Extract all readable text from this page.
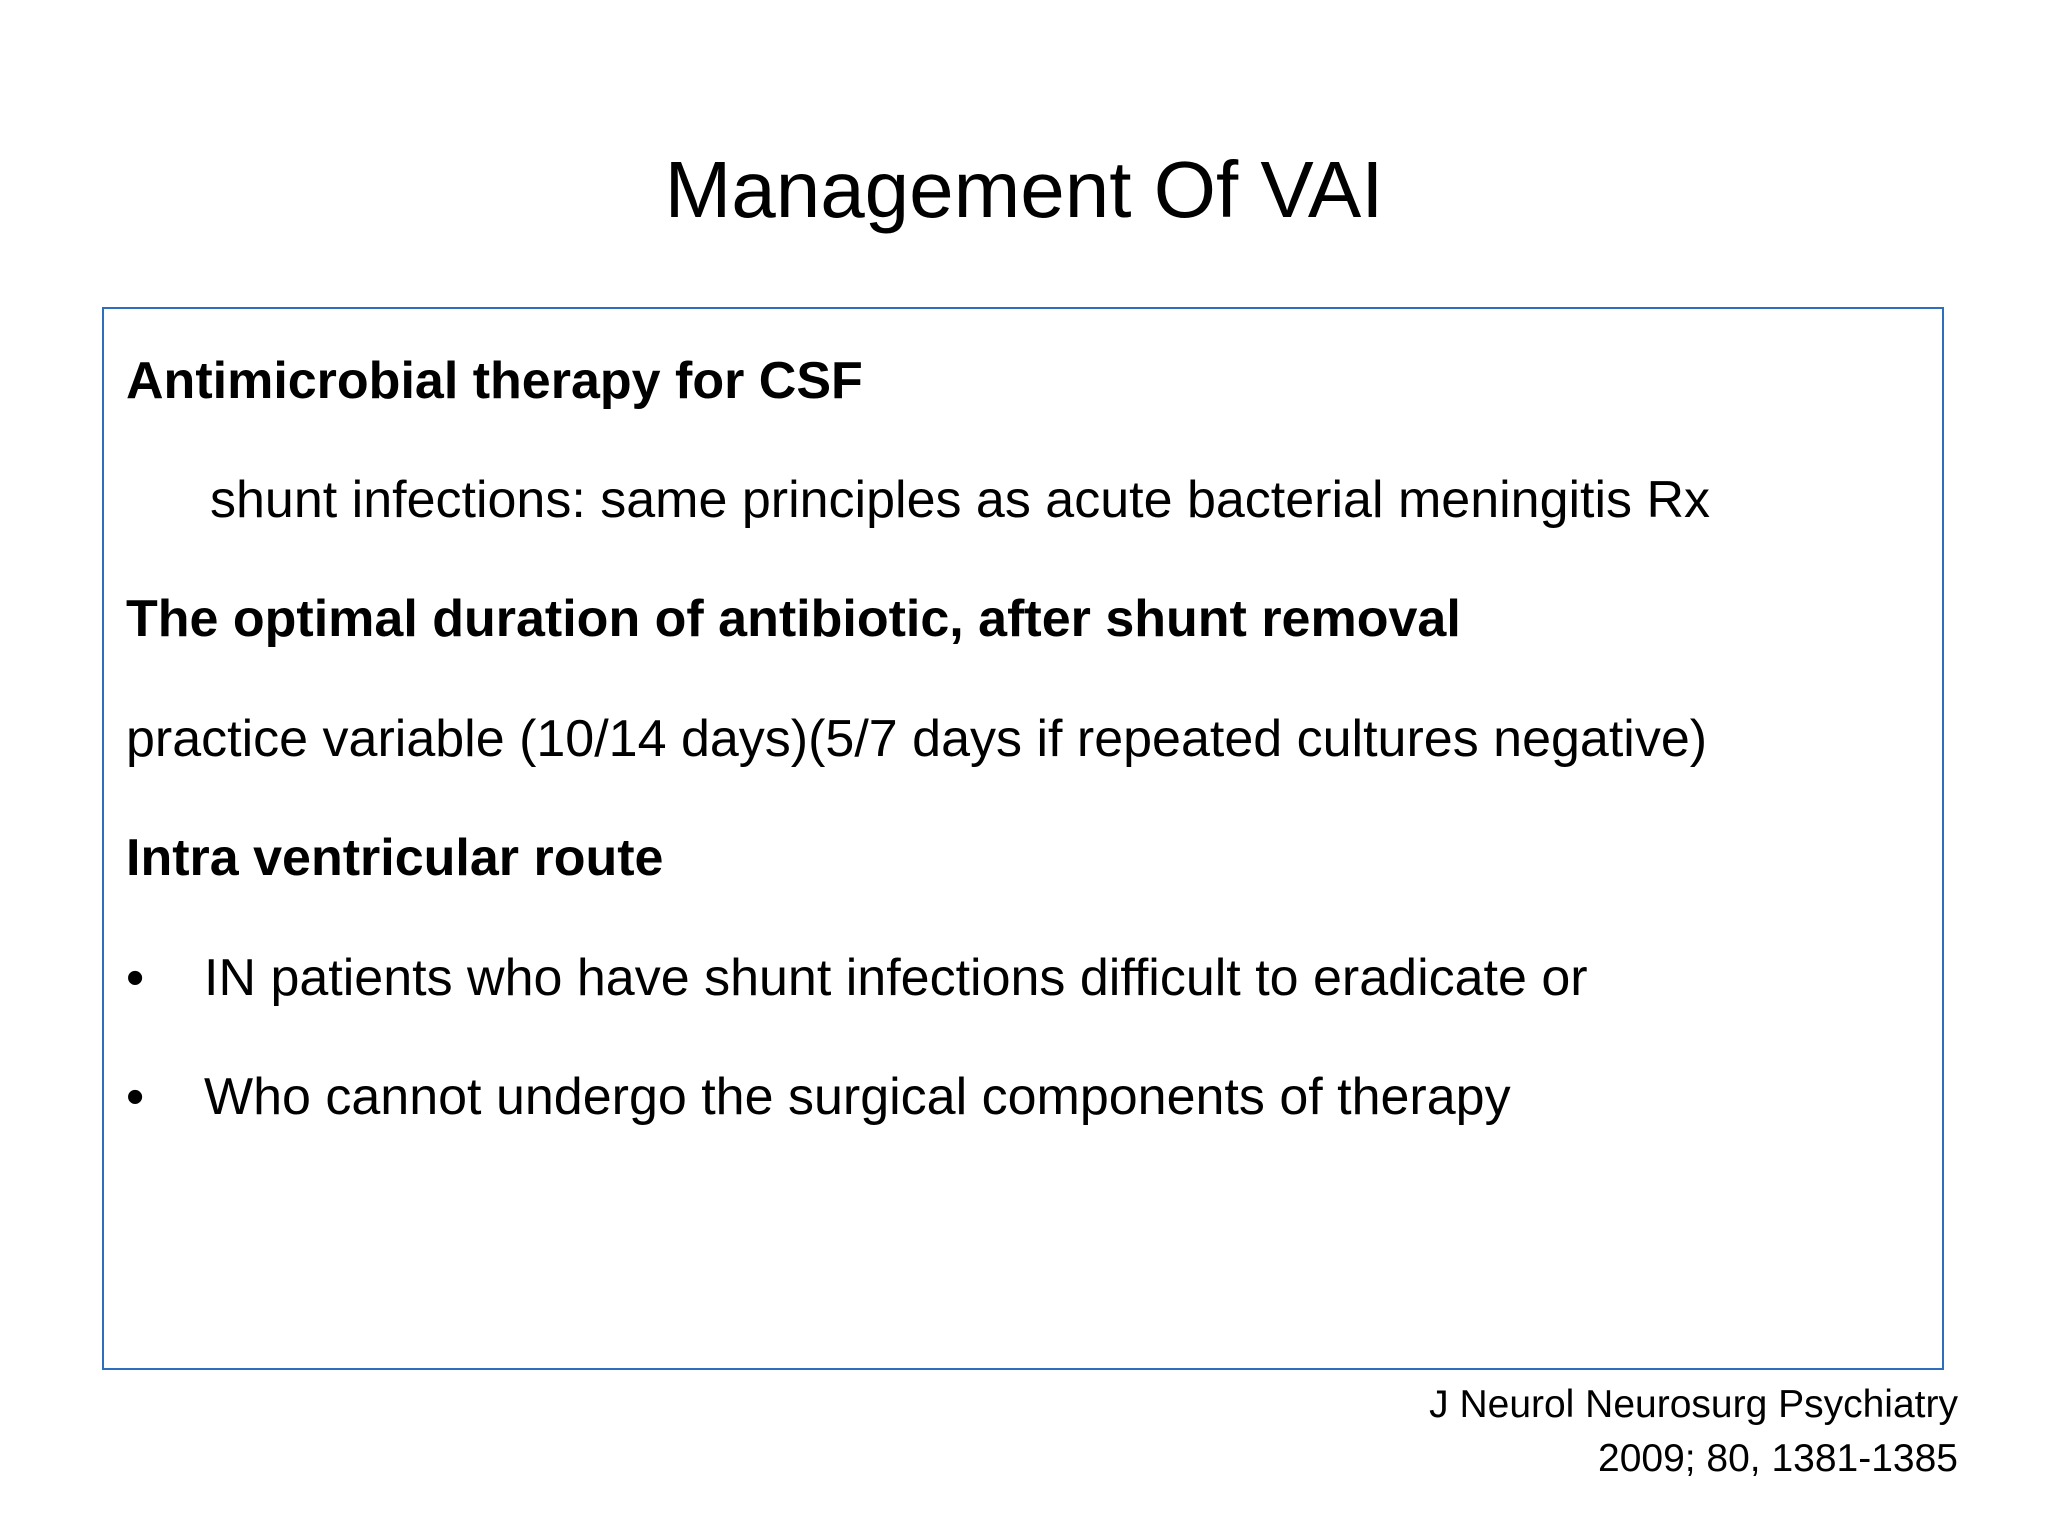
Management Of VAI
Antimicrobial therapy for CSF
shunt infections: same principles as acute bacterial meningitis Rx
The optimal duration of antibiotic, after shunt removal
practice variable (10/14 days)(5/7 days if repeated cultures negative)
Intra ventricular route
• IN patients who have shunt infections difficult to eradicate or
• Who cannot undergo the surgical components of therapy
J Neurol Neurosurg Psychiatry
2009; 80, 1381-1385
